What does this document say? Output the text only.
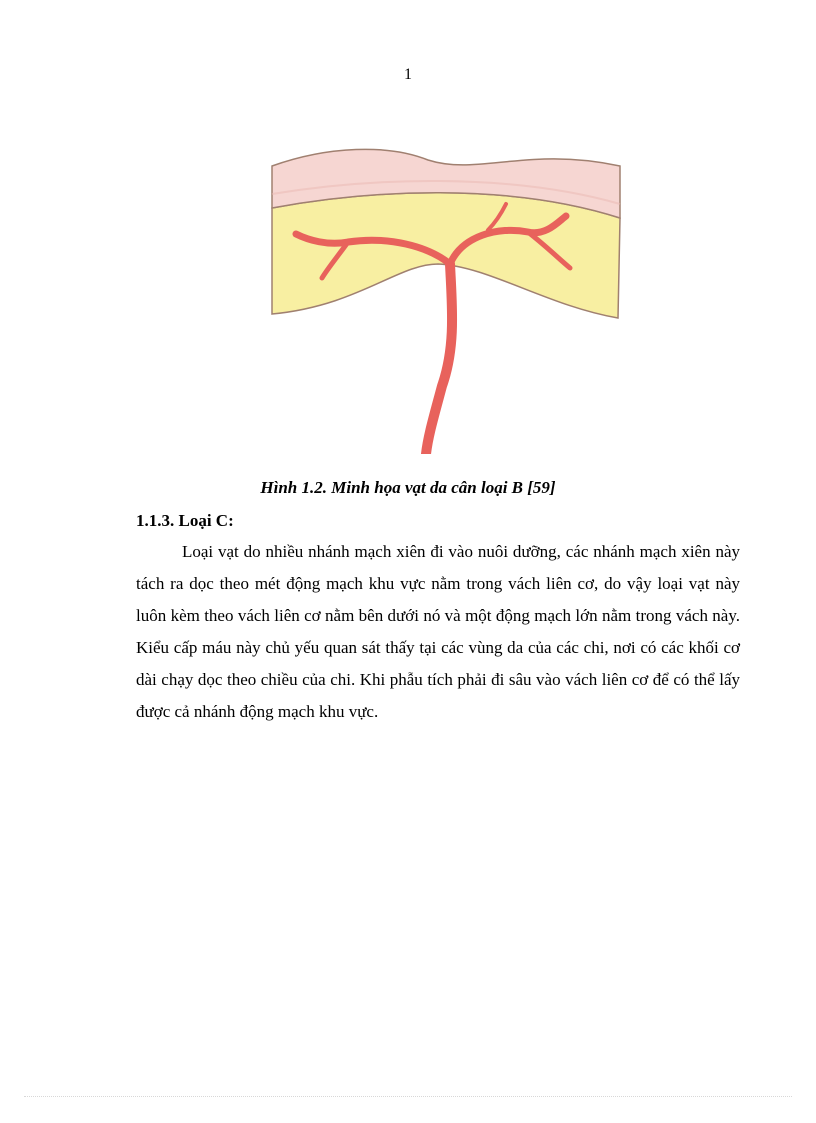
1
Hình 1.2. Minh họa vạt da cân loại B [59]
1.1.3. Loại C:

Loại vạt do nhiều nhánh mạch xiên đi vào nuôi dưỡng, các nhánh mạch xiên này tách ra dọc theo mét động mạch khu vực nằm trong vách liên cơ, do vậy loại vạt này luôn kèm theo vách liên cơ nằm bên dưới nó và một động mạch lớn nằm trong vách này. Kiểu cấp máu này chủ yếu quan sát thấy tại các vùng da của các chi, nơi có các khối cơ dài chạy dọc theo chiều của chi. Khi phẫu tích phải đi sâu vào vách liên cơ để có thể lấy được cả nhánh động mạch khu vực.
